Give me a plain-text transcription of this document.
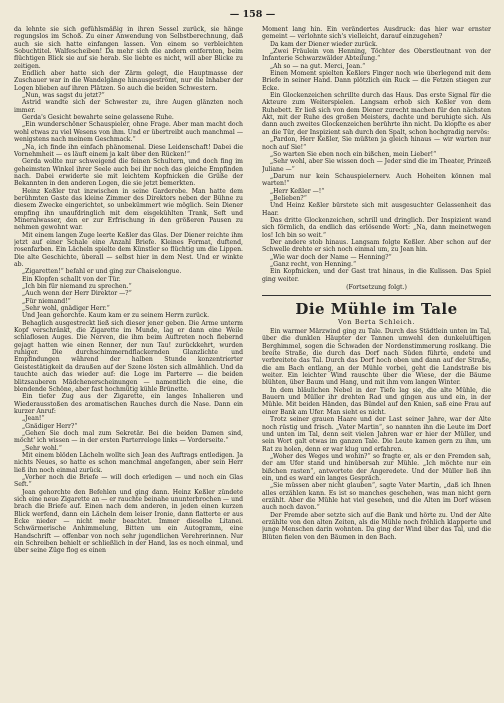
— 158 —

da lehnte sie sich gefühlsmäßig in ihren Sessel zurück, sie hänge regungslos im Schoß. Zu einer Anwendung von Selbstberechnung, daß auch sie sich hatte einfangen lassen. Von einem so verbleichten Sobuchtitel. Walfescheiben! Da mehr sich die andern entfernten, beim flüchtigen Blick sie auf sie herab. Sie liebte es nicht, will aber Blicke zu zeitigen.

Endlich aber hatte sich der Zärm gelegt, die Hauptmasse der Zuschauer war in die Wandelgänge hinausgeströmt, nur die Inhaber der Logen blieben auf ihren Plätzen. So auch die beiden Schwestern.

„Nun, was sagst du jetzt?“

Astrid wandte sich der Schwester zu, ihre Augen glänzten noch immer.

Gerda's Gesicht bewahrte seine gelassene Ruhe.

„Ein wunderschöner Schauspieler, ohne Frage. Aber man macht doch wohl etwas zu viel Wesens von ihm. Und er übertreibt auch manchmal — wenigstens nach meinem Geschmack.“

„Na, ich finde ihn einfach phänomenal. Diese Leidenschaft! Dabei die Vornehmheit — es läuft einem ja kalt über den Rücken!“

Gerda wollte nur schweigend die feinen Schultern, und doch fing im geheimsten Winkel ihrer Seele auch bei ihr noch das gleiche Empfinden nach. Dabei erwiderte sie mit leichtem Kopfnicken die Grüße der Bekannten in den anderen Logen, die sie jetzt bemerkten.

Heinz Keßler trat inzwischen in seine Garderobe. Man hatte dem berühmten Gaste das kleine Zimmer des Direktors neben der Bühne zu diesem Zwecke eingerichtet, so unbekümmert wie möglich. Sein Diener empfing ihn unaufdringlich mit dem eisgekühlten Trank, Seft und Mineralwasser, den er zur Erfrischung in den größeren Pausen zu nehmen gewohnt war.

Mit einem langen Zuge leerte Keßler das Glas. Der Diener reichte ihm jetzt auf einer Schale eine Anzahl Briefe. Kleines Format, duftend, rosenfarben. Ein Lächeln spielte dem Künstler so flüchtig um die Lippen. Die alte Geschichte, überall — selbst hier in dem Nest. Und er winkte ab.

„Zigaretten!“ befahl er und ging zur Chaiselongue.

Ein Klopfen schallt von der Tür.

„Ich bin für niemand zu sprechen.“

„Auch wenn der Herr Direktor —?“

„Für niemand!“

„Sehr wohl, gnädiger Herr.“

Und Jean gehorchte. Kaum kam er zu seinem Herrn zurück.

Behaglich ausgestreckt ließ sich dieser jener geben. Die Arme unterm Kopf verschränkt, die Zigarette im Munde, lag er dann eine Weile schlaflosen Auges. Die Nerven, die ihm beim Auftreten noch fiebernd gejagt hatten wie einen Renner, der nun Tau! zurückkehrt, wurden ruhiger. Die durchschimmerndflackernden Glanzlichte und Empfindungen während der halben Stunde konzentrierter Geistestätigkeit da draußen auf der Szene lösten sich allmählich. Und da tauchte auch das wieder auf: die Loge im Parterre — die beiden blitzsauberen Mädchenerscheinungen — namentlich die eine, die blendende Schöne, aber fast hochmütig kühle Brünette.

Ein tiefer Zug aus der Zigarette, ein langes Inhalieren und Wiederausstoßen des aromatischen Rauches durch die Nase. Dann ein kurzer Anruf:

„Jean!“

„Gnädiger Herr?“

„Gehen Sie doch mal zum Sekretär. Bei die beiden Damen sind, möcht' ich wissen — in der ersten Parterreloge links — Vorderseite.“

„Sehr wohl.“

Mit einem blöden Lächeln wollte sich Jean des Auftrags entledigen. Ja nichts Neues, so hatte es schon manchmal angefangen, aber sein Herr ließ ihn noch einmal zurück.

„Vorher noch die Briefe — will doch erledigen — und noch ein Glas Seft.“

Jean gehorchte den Befehlen und ging dann. Heinz Keßler zündete sich eine neue Zigarette an — er rauchte beinahe ununterbrochen — und brach die Briefe auf. Einen nach dem anderen, in jeden einen kurzen Blick werfend, dann ein Lächeln dem leiser Ironie, dann flatterte er aus Ecke nieder — nicht mehr beachtet. Immer dieselbe Litanei. Schwärmerische Anhimmelung, Bitten um ein Autogramm, eine Handschrift — offenbar von noch sehr jugendlichen Verehrerinnen. Nur ein Schreiben behielt er schließlich in der Hand, las es noch einmal, und über seine Züge flog es einen

Moment lang hin. Ein verändertes Ausdruck: das hier war ernster gemeint — verlohnte sich's vielleicht, darauf einzugehen?

Da kam der Diener wieder zurück.

„Zwei Fräulein von Henning, Töchter des Oberstleutnant von der Infanterie Schwarzwälder Abteilung.“

„Ah so — na gut. Merci, Jean.“

Einen Moment spielten Keßlers Finger noch wie überlegend mit dem Briefe in seiner Hand. Dann plötzlich ein Ruck — die Fetzen stiegen zur Ecke.

Ein Glockenzeichen schrillte durch das Haus. Das erste Signal für die Akteure zum Weiterspielen. Langsam erhob sich Keßler von dem Ruhebett. Er ließ sich von dem Diener zurecht machen für den nächsten Akt, mit der Ruhe des großen Meisters, dachte und beruhigte sich. Als dann auch zweites Glockenzeichen berührte ihn nicht. Da klopfte es aber an die Tür, der Inspizient sah durch den Spalt, schon hochgradig nervös:

„Pardon, Herr Keßler, Sie müßten ja gleich hinaus — wir warten nur noch auf Sie!“

„So warten Sie eben noch ein bißchen, mein Lieber!“

„Sehr wohl, aber Sie wissen doch — Jeder sind die im Theater, Prinzeß Juliane —“

„Darum nur kein Schauspielernerv. Auch Hoheiten können mal warten!“

„Herr Keßler —!“

„Belieben?“

Und Heinz Keßler bürstete sich mit ausgesuchter Gelassenheit das Haar.

Das dritte Glockenzeichen, schrill und dringlich. Der Inspizient wand sich förmlich, da endlich das erlösende Wort: „Na, dann meinetwegen los! Ich bin so weit.“

Der andere stob hinaus. Langsam folgte Keßler. Aber schon auf der Schwelle drehte er sich noch einmal um, zu Jean hin.

„Wie war doch der Name — Henning?“

„Ganz recht, von Henning.“

Ein Kopfnicken, und der Gast trat hinaus, in die Kulissen. Das Spiel ging weiter.

(Fortsetzung folgt.)
Die Mühle im Tale
Von Berta Schleich.

Ein warmer Märzwind ging zu Tale. Durch das Städtlein unten im Tal, über die dunklen Häupter der Tannen umwehl den dunkeluüftigen Berghimmel, sogen die Schwaden der Nordenstimmerung roslkang. Die breite Straße, die durch das Dorf nach Süden führte, endete und verbreitete das Tal. Durch das Dorf hoch oben und dann auf der Straße, die am Bach entlang, an der Mühle vorbei, geht die Landstraße bis weiter. Ein leichter Wind rauschte über die Wiese, der die Bäume blühten, über Baum und Hang, und mit ihm vom langen Winter.

In dem bläulichen Nebel in der Tiefe lag sie, die alte Mühle, die Bauern und Müller ihr drehten Rad und gingen aus und ein, in der Mühle. Mit beiden Händen, das Bündel auf den Knien, saß eine Frau auf einer Bank am Ufer. Man sieht es nicht.

Trotz seiner grauen Haare und der Last seiner Jahre, war der Alte noch rüstig und frisch. „Vater Martin“, so nannten ihn die Leute im Dorf und unten im Tal, denn seit vielen Jahren war er hier der Müller, und sein Wort galt etwas im ganzen Tale. Die Leute kamen gern zu ihm, um Rat zu holen, denn er war klug und erfahren.

„Woher des Weges und wohin?“ so fragte er, als er den Fremden sah, der am Ufer stand und hinübersah zur Mühle. „Ich möchte nur ein bißchen rasten“, antwortete der Angeredete. Und der Müller ließ ihn ein, und es ward ein langes Gespräch.

„Sie müssen aber nicht glauben“, sagte Vater Martin, „daß ich Ihnen alles erzählen kann. Es ist so manches geschehen, was man nicht gern erzählt. Aber die Mühle hat viel gesehen, und die Alten im Dorf wissen auch noch davon.“

Der Fremde aber setzte sich auf die Bank und hörte zu. Und der Alte erzählte von den alten Zeiten, als die Mühle noch fröhlich klapperte und junge Menschen darin wohnten. Da ging der Wind über das Tal, und die Blüten fielen von den Bäumen in den Bach.
